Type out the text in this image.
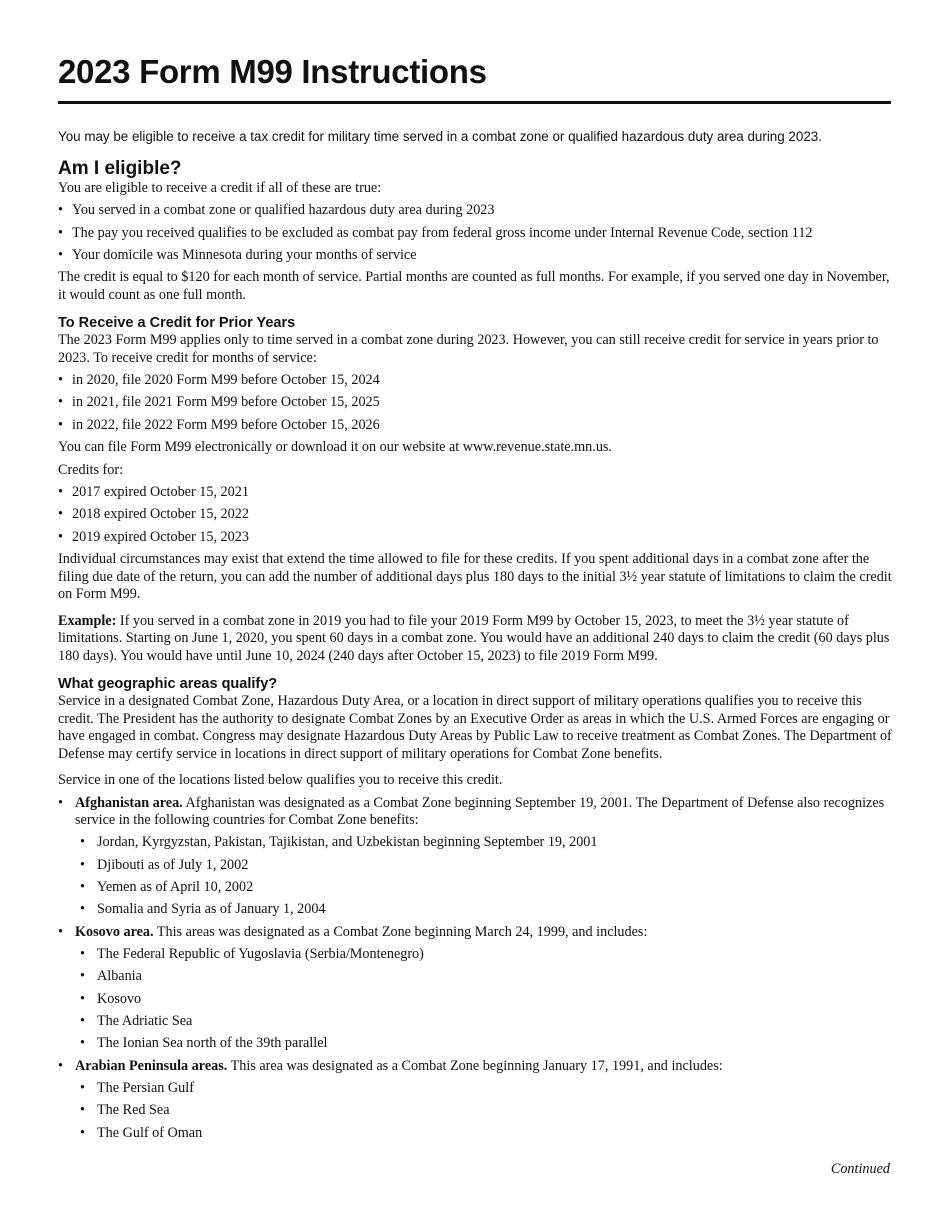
2023 Form M99 Instructions

You may be eligible to receive a tax credit for military time served in a combat zone or qualified hazardous duty area during 2023.

Am I eligible?

You are eligible to receive a credit if all of these are true:

• You served in a combat zone or qualified hazardous duty area during 2023
• The pay you received qualifies to be excluded as combat pay from federal gross income under Internal Revenue Code, section 112
• Your domicile was Minnesota during your months of service

The credit is equal to $120 for each month of service. Partial months are counted as full months. For example, if you served one day in November, it would count as one full month.

To Receive a Credit for Prior Years

The 2023 Form M99 applies only to time served in a combat zone during 2023. However, you can still receive credit for service in years prior to 2023. To receive credit for months of service:

• in 2020, file 2020 Form M99 before October 15, 2024
• in 2021, file 2021 Form M99 before October 15, 2025
• in 2022, file 2022 Form M99 before October 15, 2026

You can file Form M99 electronically or download it on our website at www.revenue.state.mn.us.

Credits for:

• 2017 expired October 15, 2021
• 2018 expired October 15, 2022
• 2019 expired October 15, 2023

Individual circumstances may exist that extend the time allowed to file for these credits. If you spent additional days in a combat zone after the filing due date of the return, you can add the number of additional days plus 180 days to the initial 3½ year statute of limitations to claim the credit on Form M99.

Example: If you served in a combat zone in 2019 you had to file your 2019 Form M99 by October 15, 2023, to meet the 3½ year statute of limitations. Starting on June 1, 2020, you spent 60 days in a combat zone. You would have an additional 240 days to claim the credit (60 days plus 180 days). You would have until June 10, 2024 (240 days after October 15, 2023) to file 2019 Form M99.

What geographic areas qualify?

Service in a designated Combat Zone, Hazardous Duty Area, or a location in direct support of military operations qualifies you to receive this credit. The President has the authority to designate Combat Zones by an Executive Order as areas in which the U.S. Armed Forces are engaging or have engaged in combat. Congress may designate Hazardous Duty Areas by Public Law to receive treatment as Combat Zones. The Department of Defense may certify service in locations in direct support of military operations for Combat Zone benefits.

Service in one of the locations listed below qualifies you to receive this credit.

• Afghanistan area. Afghanistan was designated as a Combat Zone beginning September 19, 2001. The Department of Defense also recognizes service in the following countries for Combat Zone benefits:
• Jordan, Kyrgyzstan, Pakistan, Tajikistan, and Uzbekistan beginning September 19, 2001
• Djibouti as of July 1, 2002
• Yemen as of April 10, 2002
• Somalia and Syria as of January 1, 2004
• Kosovo area. This areas was designated as a Combat Zone beginning March 24, 1999, and includes:
• The Federal Republic of Yugoslavia (Serbia/Montenegro)
• Albania
• Kosovo
• The Adriatic Sea
• The Ionian Sea north of the 39th parallel
• Arabian Peninsula areas. This area was designated as a Combat Zone beginning January 17, 1991, and includes:
• The Persian Gulf
• The Red Sea
• The Gulf of Oman
Continued
